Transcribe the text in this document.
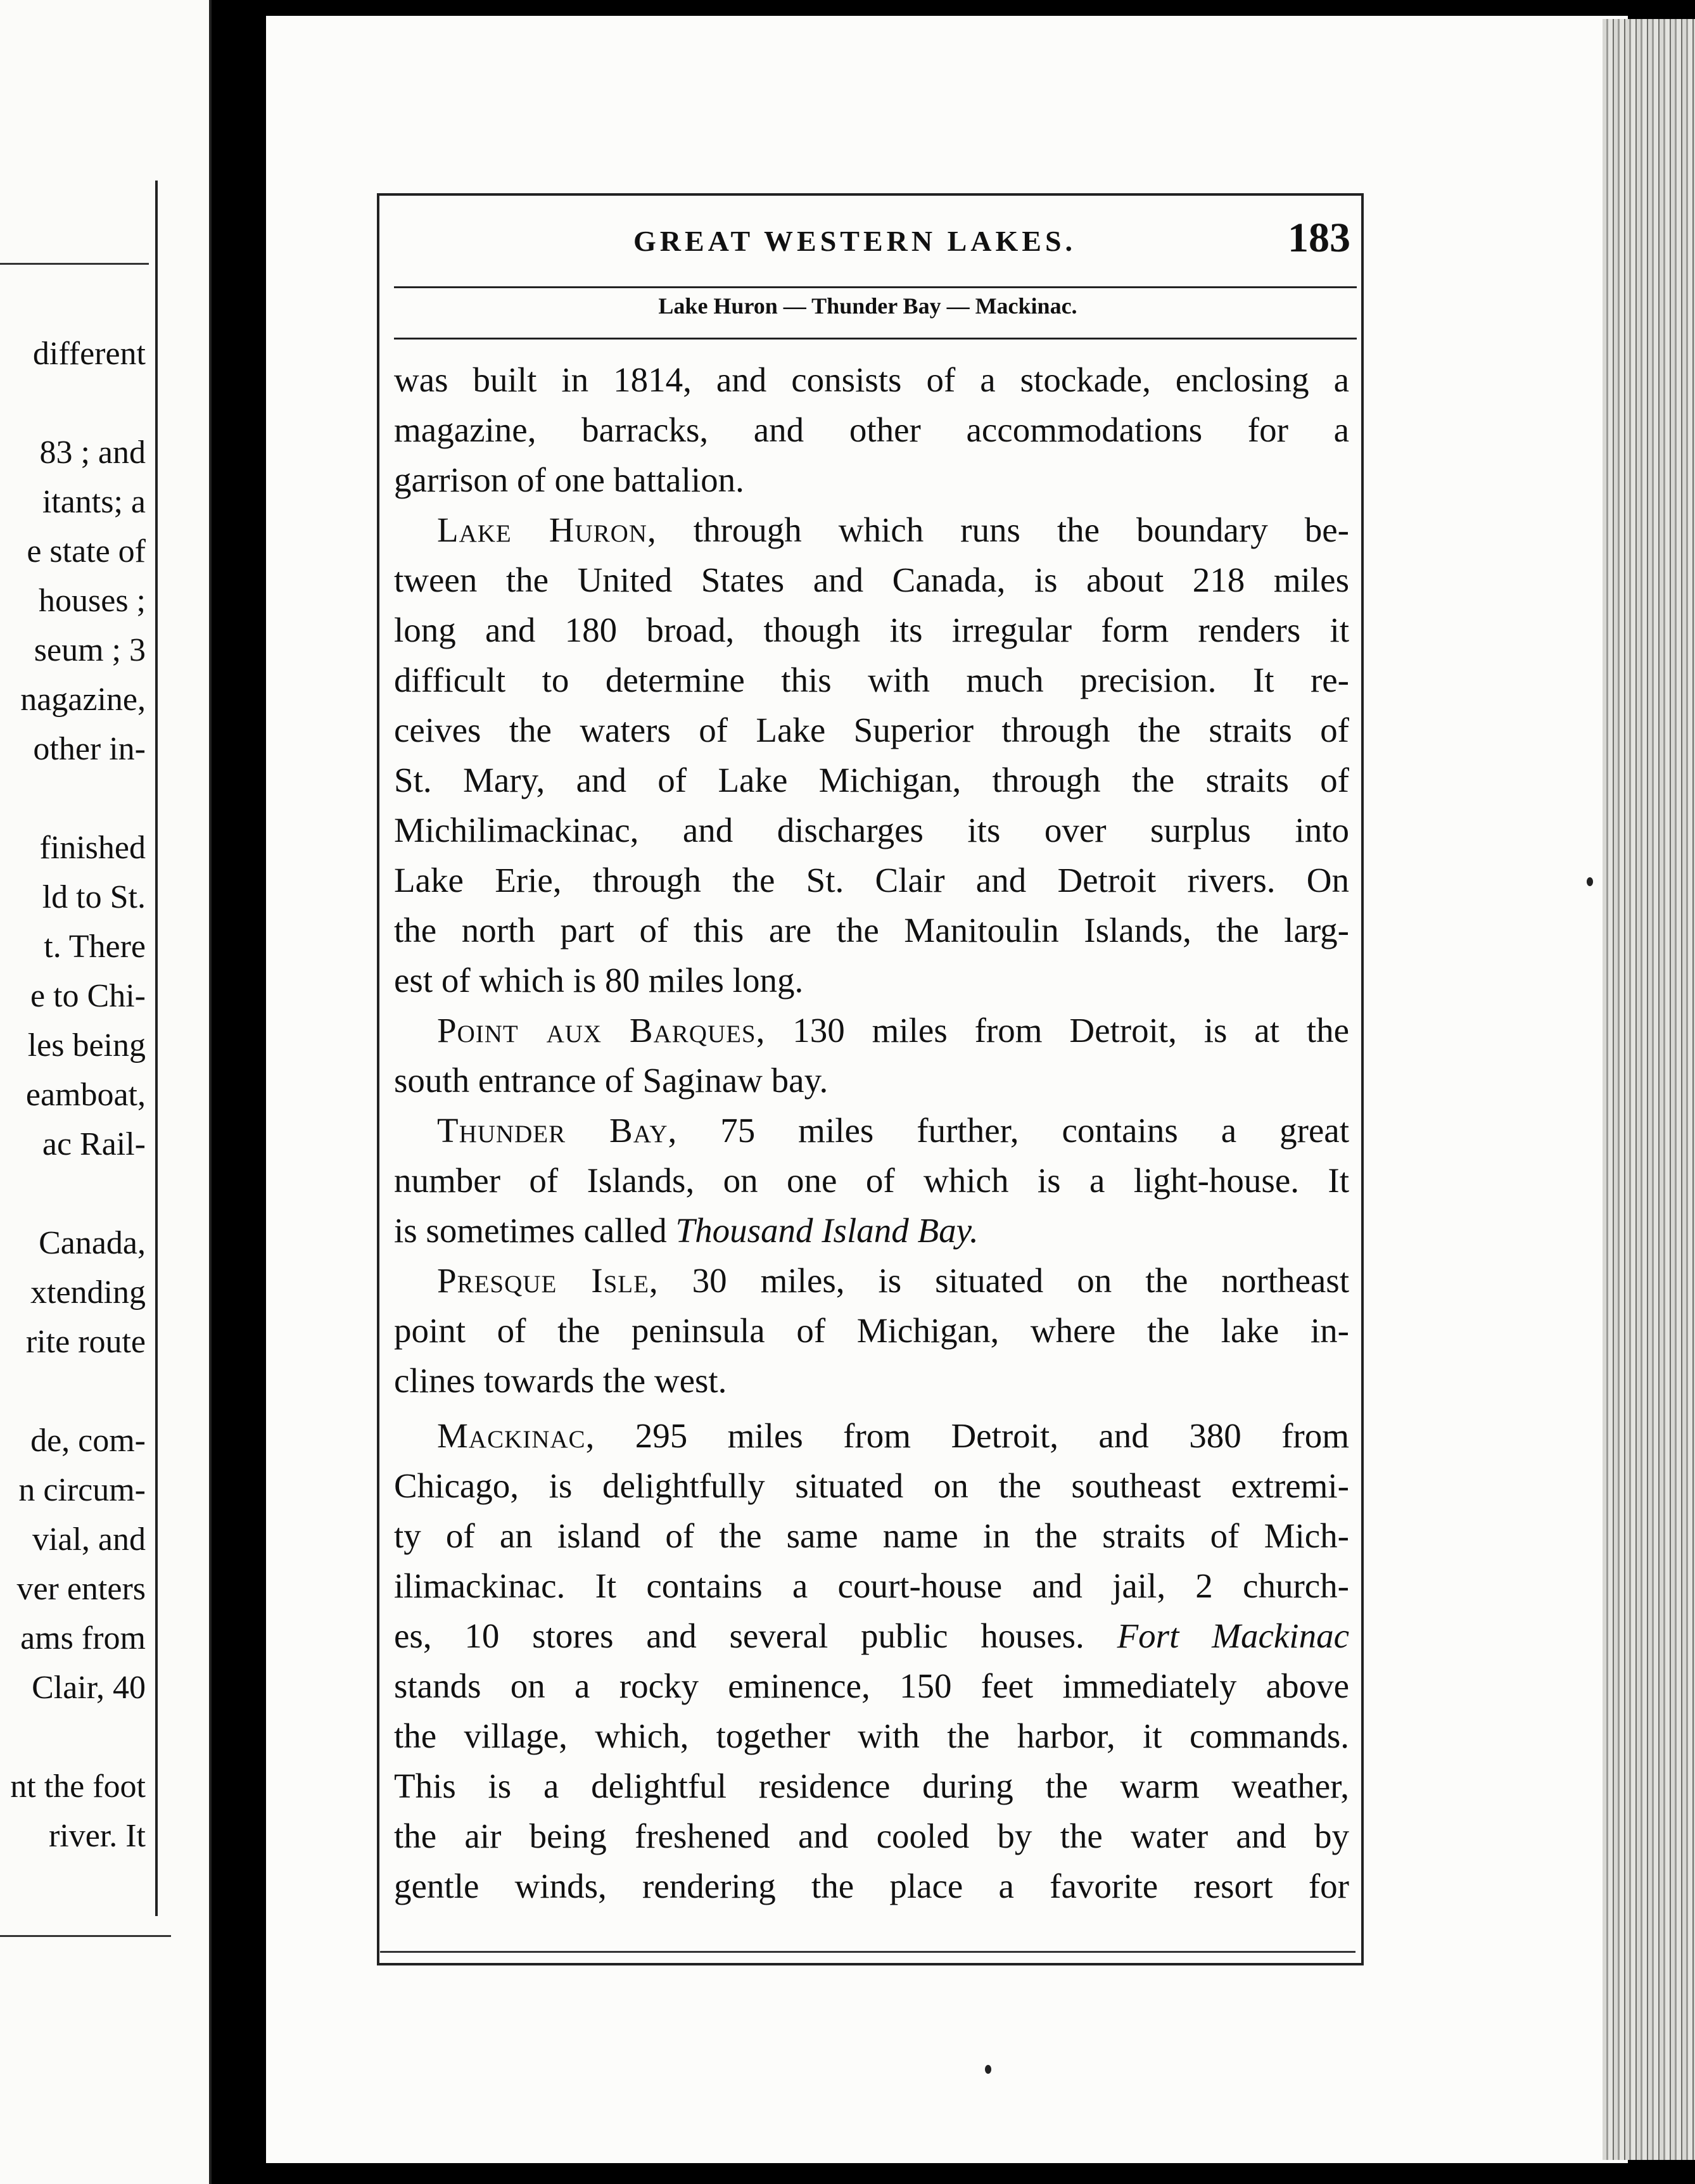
different
83 ; and
itants; a
e state of
houses ;
seum ; 3
nagazine,
other in-
finished
ld to St.
t. There
e to Chi-
les being
eamboat,
ac Rail-
Canada,
xtending
rite route
de, com-
n circum-
vial, and
ver enters
ams from
Clair, 40
nt the foot
river. It
GREAT WESTERN LAKES.	183
Lake Huron — Thunder Bay — Mackinac.
was built in 1814, and consists of a stockade, enclosing a
magazine, barracks, and other accommodations for a
garrison of one battalion.
Lake Huron, through which runs the boundary be-
tween the United States and Canada, is about 218 miles
long and 180 broad, though its irregular form renders it
difficult to determine this with much precision. It re-
ceives the waters of Lake Superior through the straits of
St. Mary, and of Lake Michigan, through the straits of
Michilimackinac, and discharges its over surplus into
Lake Erie, through the St. Clair and Detroit rivers. On
the north part of this are the Manitoulin Islands, the larg-
est of which is 80 miles long.
Point aux Barques, 130 miles from Detroit, is at the
south entrance of Saginaw bay.
Thunder Bay, 75 miles further, contains a great
number of Islands, on one of which is a light-house. It
is sometimes called Thousand Island Bay.
Presque Isle, 30 miles, is situated on the northeast
point of the peninsula of Michigan, where the lake in-
clines towards the west.
Mackinac, 295 miles from Detroit, and 380 from
Chicago, is delightfully situated on the southeast extremi-
ty of an island of the same name in the straits of Mich-
ilimackinac. It contains a court-house and jail, 2 church-
es, 10 stores and several public houses. Fort Mackinac
stands on a rocky eminence, 150 feet immediately above
the village, which, together with the harbor, it commands.
This is a delightful residence during the warm weather,
the air being freshened and cooled by the water and by
gentle winds, rendering the place a favorite resort for
